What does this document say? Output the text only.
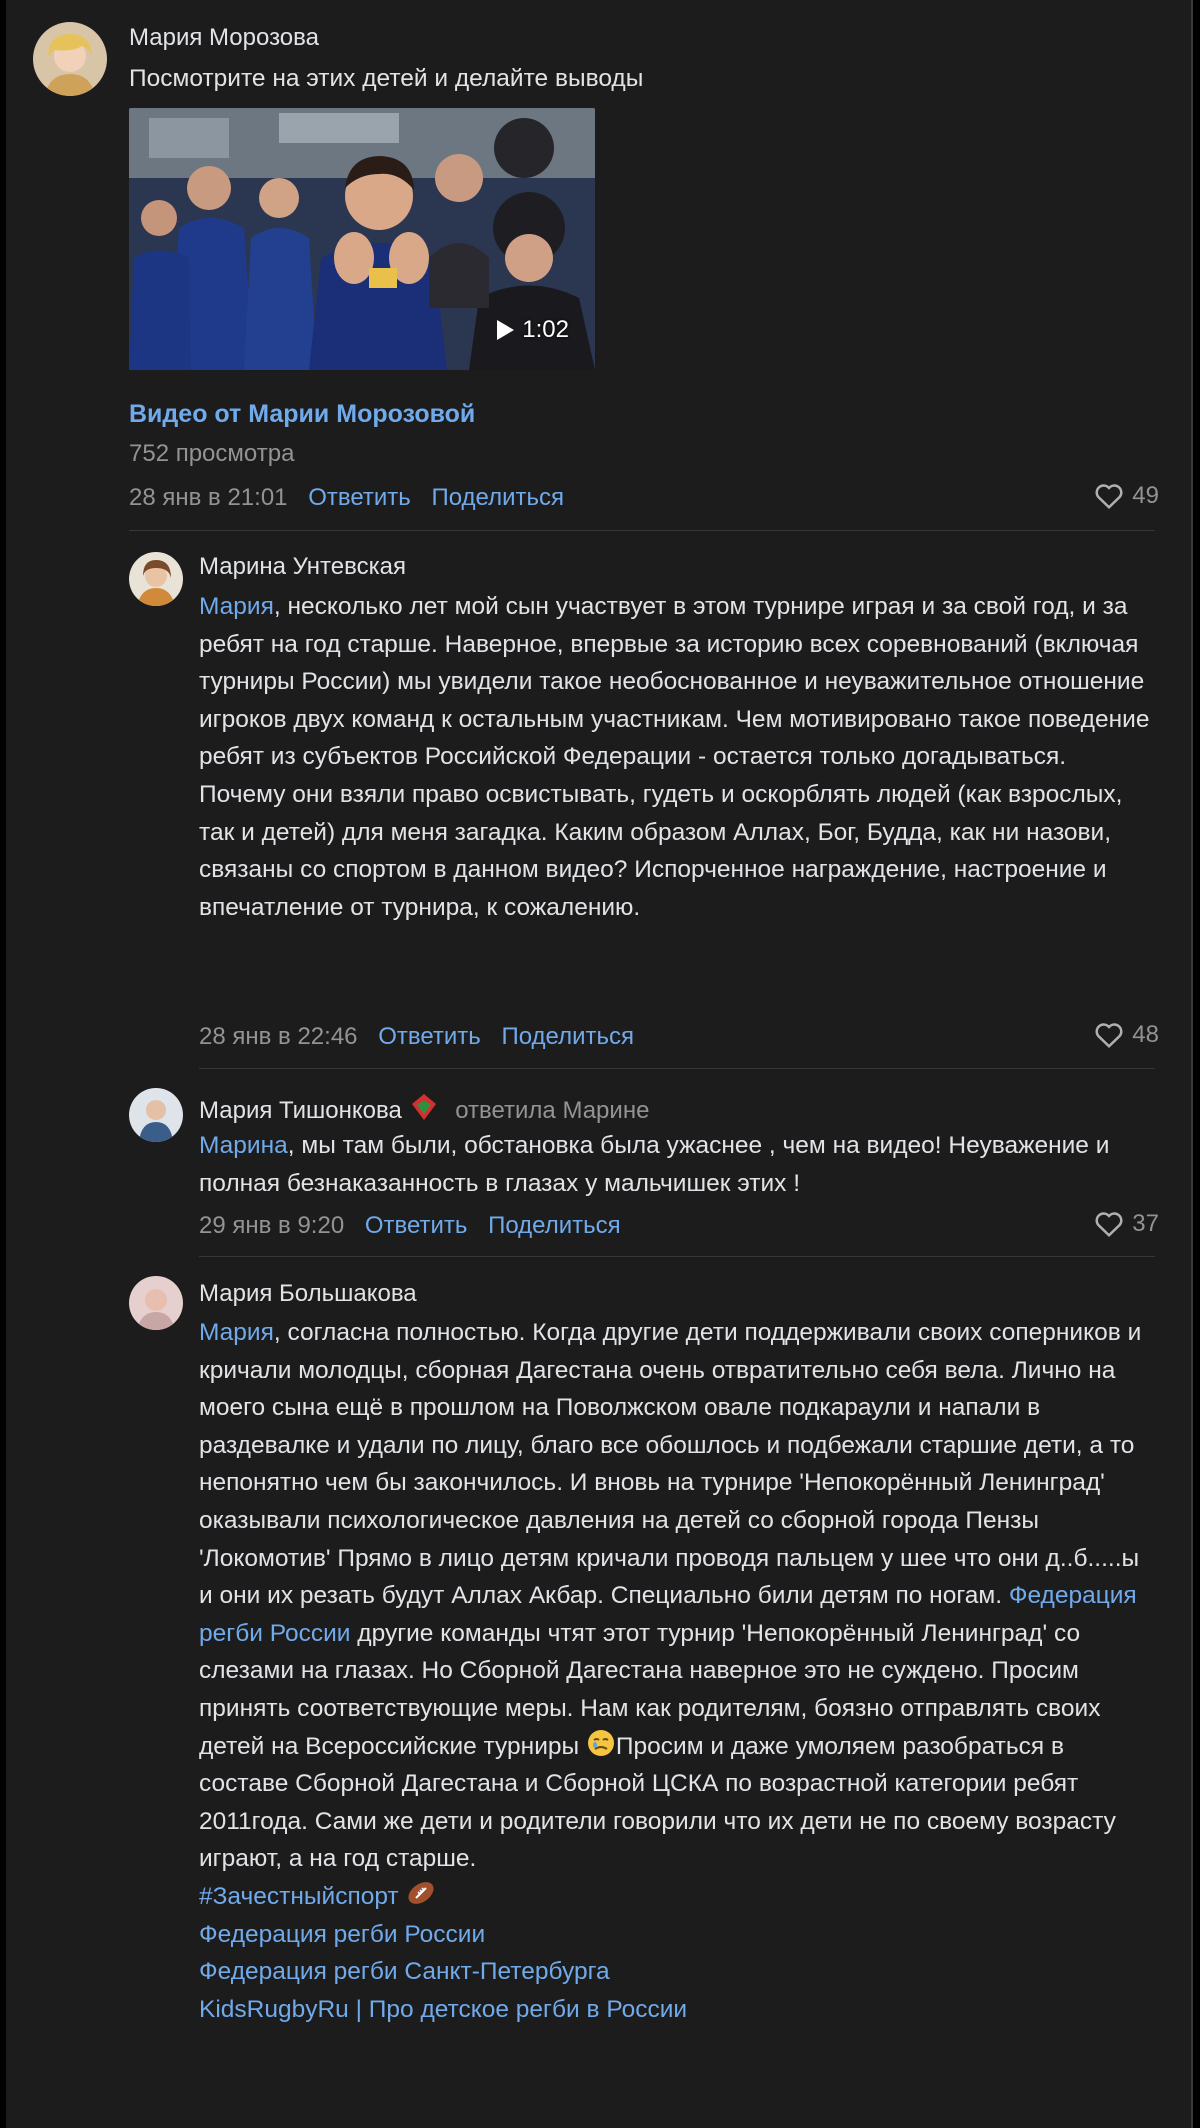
Мария Морозова
Посмотрите на этих детей и делайте выводы
1:02
Видео от Марии Морозовой
752 просмотра
28 янв в 21:01 Ответить Поделиться	49
Марина Унтевская
Мария, несколько лет мой сын участвует в этом турнире играя и за свой год, и за ребят на год старше. Наверное, впервые за историю всех соревнований (включая турниры России) мы увидели такое необоснованное и неуважительное отношение игроков двух команд к остальным участникам. Чем мотивировано такое поведение ребят из субъектов Российской Федерации - остается только догадываться. Почему они взяли право освистывать, гудеть и оскорблять людей (как взрослых, так и детей) для меня загадка. Каким образом Аллах, Бог, Будда, как ни назови, связаны со спортом в данном видео? Испорченное награждение, настроение и впечатление от турнира, к сожалению.
28 янв в 22:46 Ответить Поделиться	48
Мария Тишонкова ответила Марине
Марина, мы там были, обстановка была ужаснее , чем на видео! Неуважение и полная безнаказанность в глазах у мальчишек этих !
29 янв в 9:20 Ответить Поделиться	37
Мария Большакова
Мария, согласна полностью. Когда другие дети поддерживали своих соперников и кричали молодцы, сборная Дагестана очень отвратительно себя вела. Лично на моего сына ещё в прошлом на Поволжском овале подкараули и напали в раздевалке и удали по лицу, благо все обошлось и подбежали старшие дети, а то непонятно чем бы закончилось. И вновь на турнире 'Непокорённый Ленинград' оказывали психологическое давления на детей со сборной города Пензы 'Локомотив' Прямо в лицо детям кричали проводя пальцем у шее что они д..б.....ы и они их резать будут Аллах Акбар. Специально били детям по ногам. Федерация регби России другие команды чтят этот турнир 'Непокорённый Ленинград' со слезами на глазах. Но Сборной Дагестана наверное это не суждено. Просим принять соответствующие меры. Нам как родителям, боязно отправлять своих детей на Всероссийские турниры Просим и даже умоляем разобраться в составе Сборной Дагестана и Сборной ЦСКА по возрастной категории ребят 2011года. Сами же дети и родители говорили что их дети не по своему возрасту играют, а на год старше.
#Зачестныйспорт
Федерация регби России
Федерация регби Санкт-Петербурга
KidsRugbyRu | Про детское регби в России
